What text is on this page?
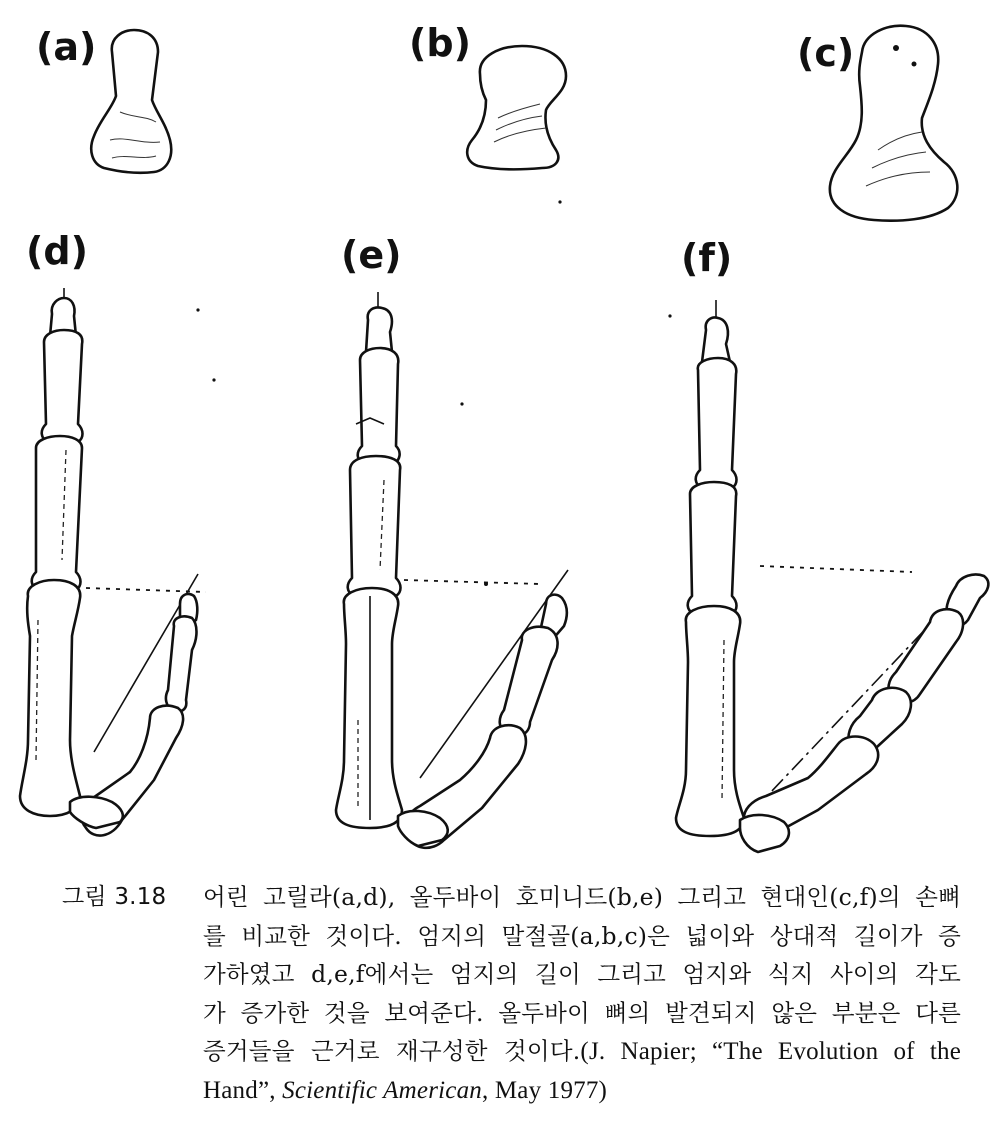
(a)	(b)	(c)
(d)	(e)	(f)
그림 3.18	어린 고릴라(a,d), 올두바이 호미니드(b,e) 그리고 현대인(c,f)의 손뼈
를 비교한 것이다. 엄지의 말절골(a,b,c)은 넓이와 상대적 길이가 증
가하였고 d,e,f에서는 엄지의 길이 그리고 엄지와 식지 사이의 각도
가 증가한 것을 보여준다. 올두바이 뼈의 발견되지 않은 부분은 다른
증거들을 근거로 재구성한 것이다.(J. Napier; “The Evolution of the
Hand”, Scientific American, May 1977)
